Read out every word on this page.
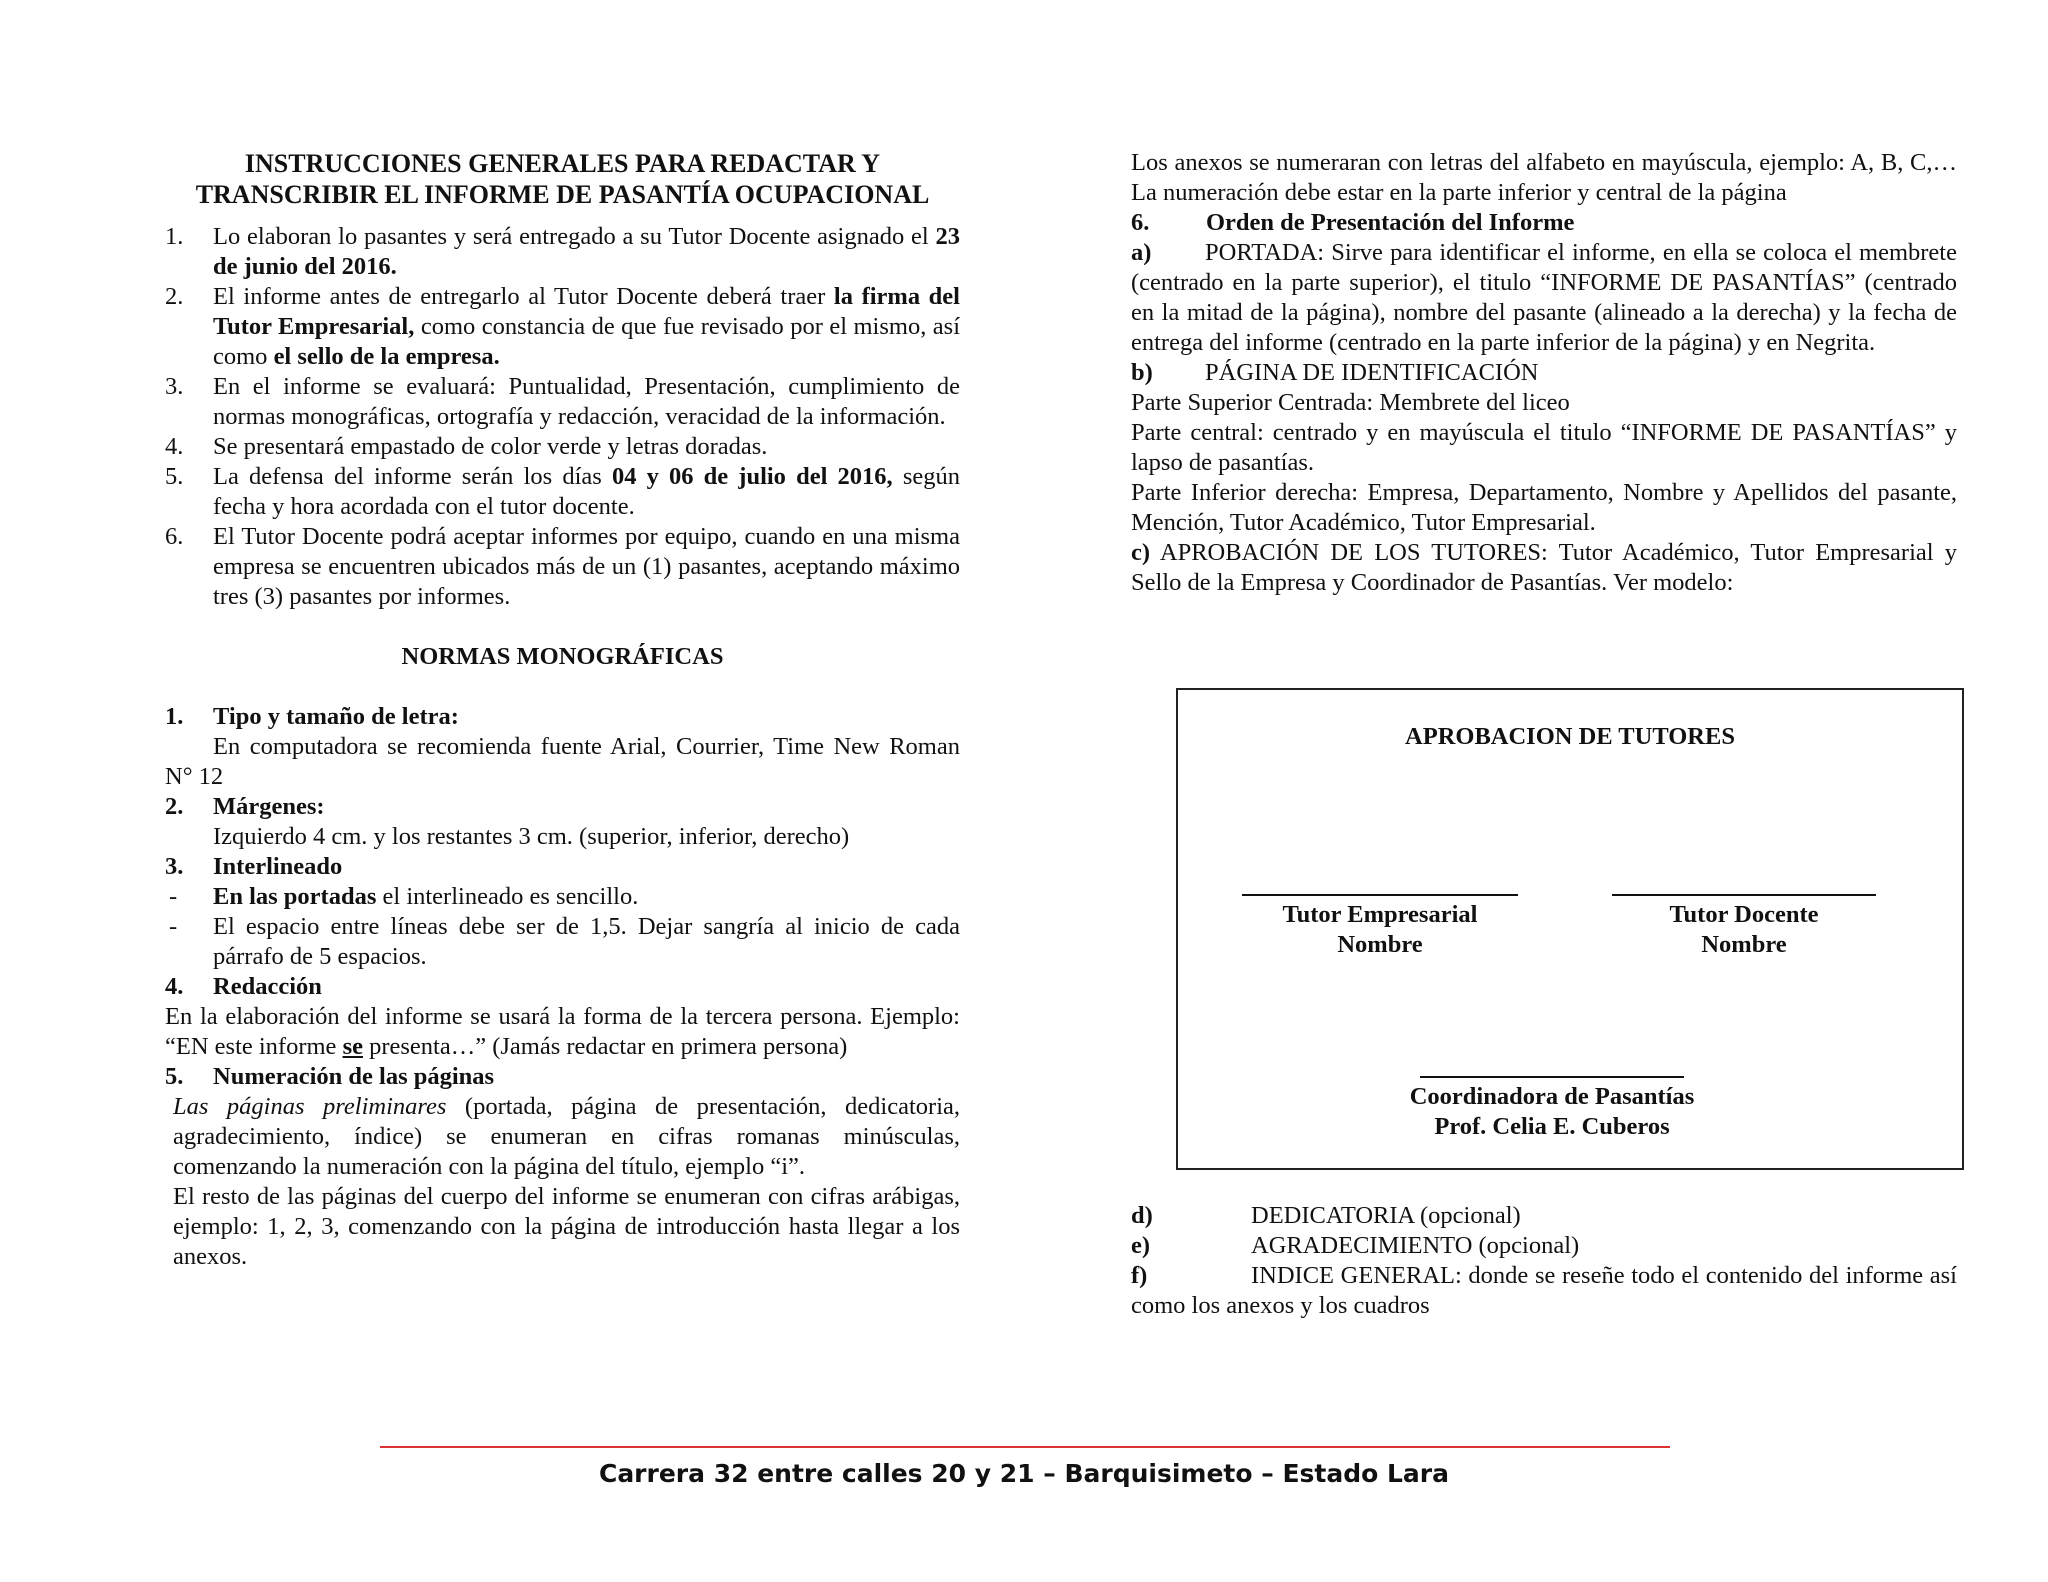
INSTRUCCIONES GENERALES PARA REDACTAR Y
TRANSCRIBIR EL INFORME DE PASANTÍA OCUPACIONAL
1. Lo elaboran lo pasantes y será entregado a su Tutor Docente asignado el 23 de junio del 2016.
2. El informe antes de entregarlo al Tutor Docente deberá traer la firma del Tutor Empresarial, como constancia de que fue revisado por el mismo, así como el sello de la empresa.
3. En el informe se evaluará: Puntualidad, Presentación, cumplimiento de normas monográficas, ortografía y redacción, veracidad de la información.
4. Se presentará empastado de color verde y letras doradas.
5. La defensa del informe serán los días 04 y 06 de julio del 2016, según fecha y hora acordada con el tutor docente.
6. El Tutor Docente podrá aceptar informes por equipo, cuando en una misma empresa se encuentren ubicados más de un (1) pasantes, aceptando máximo tres (3) pasantes por informes.
NORMAS MONOGRÁFICAS
1. Tipo y tamaño de letra:
En computadora se recomienda fuente Arial, Courrier, Time New Roman N° 12
2. Márgenes:
Izquierdo 4 cm. y los restantes 3 cm. (superior, inferior, derecho)
3. Interlineado
- En las portadas el interlineado es sencillo.
- El espacio entre líneas debe ser de 1,5. Dejar sangría al inicio de cada párrafo de 5 espacios.
4. Redacción
En la elaboración del informe se usará la forma de la tercera persona. Ejemplo: “EN este informe se presenta…” (Jamás redactar en primera persona)
5. Numeración de las páginas
Las páginas preliminares (portada, página de presentación, dedicatoria, agradecimiento, índice) se enumeran en cifras romanas minúsculas, comenzando la numeración con la página del título, ejemplo “i”.
El resto de las páginas del cuerpo del informe se enumeran con cifras arábigas, ejemplo: 1, 2, 3, comenzando con la página de introducción hasta llegar a los anexos.
Los anexos se numeraran con letras del alfabeto en mayúscula, ejemplo: A, B, C,… La numeración debe estar en la parte inferior y central de la página
6. Orden de Presentación del Informe
a) PORTADA: Sirve para identificar el informe, en ella se coloca el membrete (centrado en la parte superior), el titulo “INFORME DE PASANTÍAS” (centrado en la mitad de la página), nombre del pasante (alineado a la derecha) y la fecha de entrega del informe (centrado en la parte inferior de la página) y en Negrita.
b) PÁGINA DE IDENTIFICACIÓN
Parte Superior Centrada: Membrete del liceo
Parte central: centrado y en mayúscula el titulo “INFORME DE PASANTÍAS” y lapso de pasantías.
Parte Inferior derecha: Empresa, Departamento, Nombre y Apellidos del pasante, Mención, Tutor Académico, Tutor Empresarial.
c) APROBACIÓN DE LOS TUTORES: Tutor Académico, Tutor Empresarial y Sello de la Empresa y Coordinador de Pasantías. Ver modelo:
APROBACION DE TUTORES
Tutor Empresarial
Nombre
Tutor Docente
Nombre
Coordinadora de Pasantías
Prof. Celia E. Cuberos
d)	DEDICATORIA (opcional)
e)	AGRADECIMIENTO (opcional)
f)	INDICE GENERAL: donde se reseñe todo el contenido del informe así como los anexos y los cuadros
Carrera 32 entre calles 20 y 21 – Barquisimeto – Estado Lara
